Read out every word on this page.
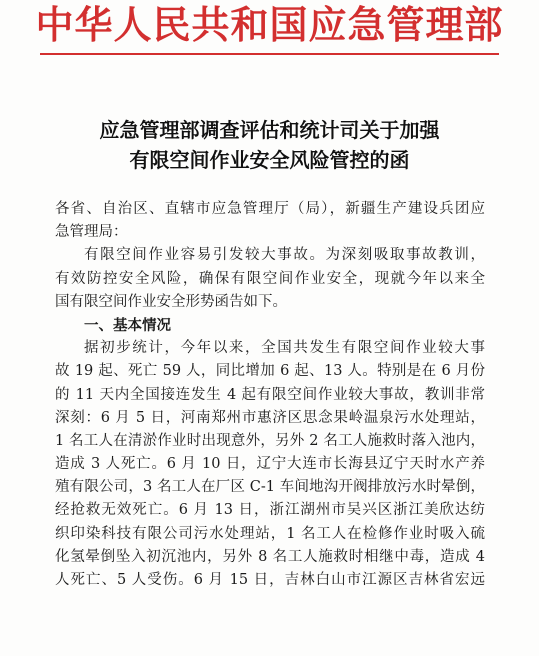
中华人民共和国应急管理部
应急管理部调查评估和统计司关于加强
有限空间作业安全风险管控的函
各省、自治区、直辖市应急管理厅（局），新疆生产建设兵团应
急管理局：
有限空间作业容易引发较大事故。为深刻吸取事故教训，
有效防控安全风险，确保有限空间作业安全，现就今年以来全
国有限空间作业安全形势函告如下。
一、基本情况
据初步统计，今年以来，全国共发生有限空间作业较大事
故 19 起、死亡 59 人，同比增加 6 起、13 人。特别是在 6 月份
的 11 天内全国接连发生 4 起有限空间作业较大事故，教训非常
深刻：6 月 5 日，河南郑州市惠济区思念果岭温泉污水处理站，
1 名工人在清淤作业时出现意外，另外 2 名工人施救时落入池内，
造成 3 人死亡。6 月 10 日，辽宁大连市长海县辽宁天时水产养
殖有限公司，3 名工人在厂区 C-1 车间地沟开阀排放污水时晕倒，
经抢救无效死亡。6 月 13 日，浙江湖州市吴兴区浙江美欣达纺
织印染科技有限公司污水处理站，1 名工人在检修作业时吸入硫
化氢晕倒坠入初沉池内，另外 8 名工人施救时相继中毒，造成 4
人死亡、5 人受伤。6 月 15 日，吉林白山市江源区吉林省宏远
